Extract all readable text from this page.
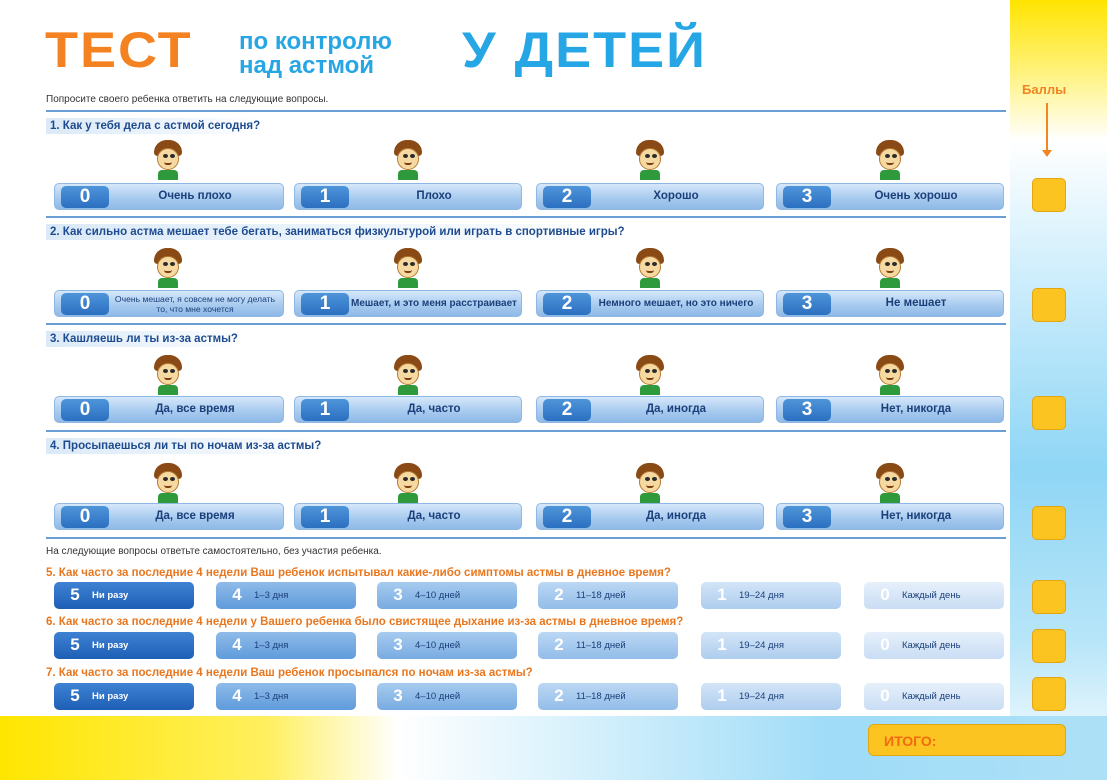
ТЕСТ по контролю
над астмой	У ДЕТЕЙ
Попросите своего ребенка ответить на следующие вопросы.
1. Как у тебя дела с астмой сегодня?
0	Очень плохо	1	Плохо	2	Хорошо	3	Очень хорошо
2. Как сильно астма мешает тебе бегать, заниматься физкультурой или играть в спортивные игры?
0	Очень мешает, я совсем не могу делать то, что мне хочется	1	Мешает, и это меня расстраивает	2	Немного мешает, но это ничего	3	Не мешает
3. Кашляешь ли ты из-за астмы?
0	Да, все время	1	Да, часто	2	Да, иногда	3	Нет, никогда
4. Просыпаешься ли ты по ночам из-за астмы?
0	Да, все время	1	Да, часто	2	Да, иногда	3	Нет, никогда
На следующие вопросы ответьте самостоятельно, без участия ребенка.
5. Как часто за последние 4 недели Ваш ребенок испытывал какие-либо симптомы астмы в дневное время?
5	Ни разу	4	1–3 дня	3	4–10 дней	2	11–18 дней	1	19–24 дня	0	Каждый день
6. Как часто за последние 4 недели у Вашего ребенка было свистящее дыхание из-за астмы в дневное время?
5	Ни разу	4	1–3 дня	3	4–10 дней	2	11–18 дней	1	19–24 дня	0	Каждый день
7. Как часто за последние 4 недели Ваш ребенок просыпался по ночам из-за астмы?
5	Ни разу	4	1–3 дня	3	4–10 дней	2	11–18 дней	1	19–24 дня	0	Каждый день
Баллы
ИТОГО:
